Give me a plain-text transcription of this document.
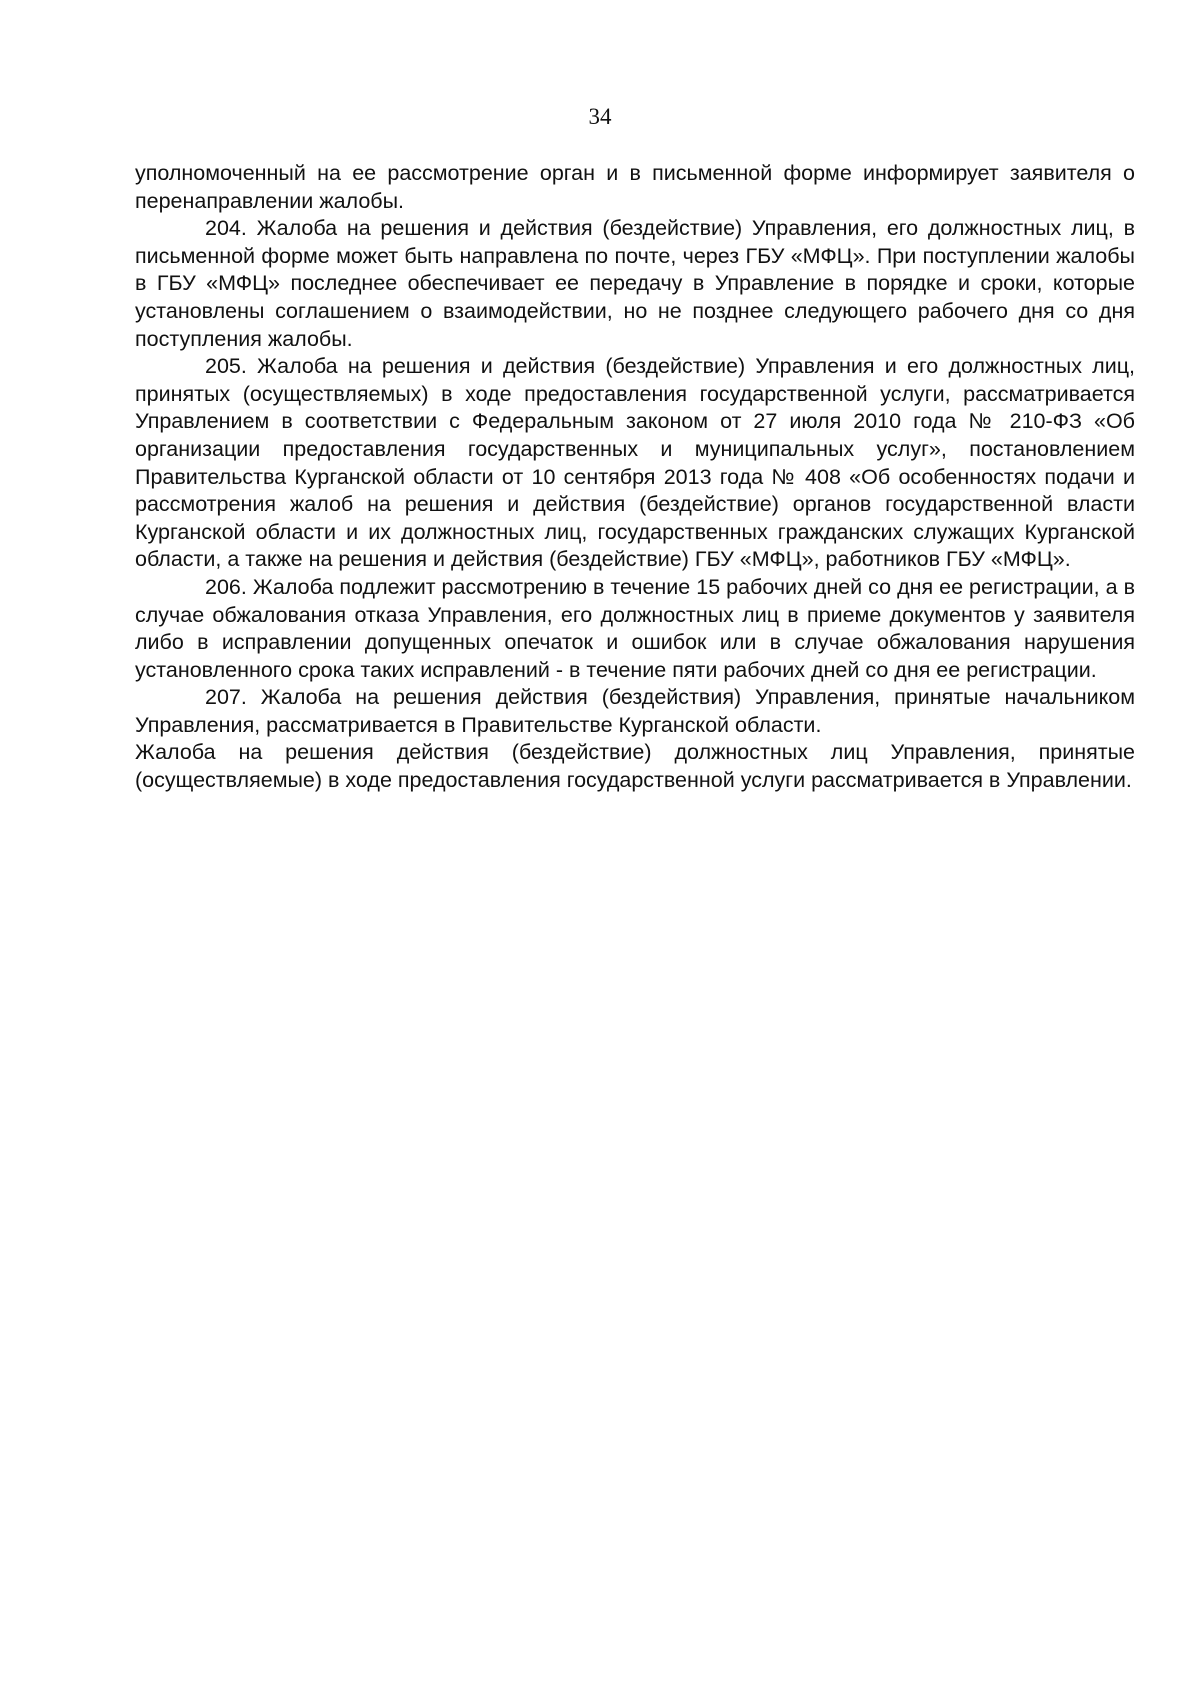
34

уполномоченный на ее рассмотрение орган и в письменной форме информирует заявителя о перенаправлении жалобы.

204. Жалоба на решения и действия (бездействие) Управления, его должностных лиц, в письменной форме может быть направлена по почте, через ГБУ «МФЦ». При поступлении жалобы в ГБУ «МФЦ» последнее обеспечивает ее передачу в Управление в порядке и сроки, которые установлены соглашением о взаимодействии, но не позднее следующего рабочего дня со дня поступления жалобы.

205. Жалоба на решения и действия (бездействие) Управления и его должностных лиц, принятых (осуществляемых) в ходе предоставления государственной услуги, рассматривается Управлением в соответствии с Федеральным законом от 27 июля 2010 года № 210-ФЗ «Об организации предоставления государственных и муниципальных услуг», постановлением Правительства Курганской области от 10 сентября 2013 года № 408 «Об особенностях подачи и рассмотрения жалоб на решения и действия (бездействие) органов государственной власти Курганской области и их должностных лиц, государственных гражданских служащих Курганской области, а также на решения и действия (бездействие) ГБУ «МФЦ», работников ГБУ «МФЦ».

206. Жалоба подлежит рассмотрению в течение 15 рабочих дней со дня ее регистрации, а в случае обжалования отказа Управления, его должностных лиц в приеме документов у заявителя либо в исправлении допущенных опечаток и ошибок или в случае обжалования нарушения установленного срока таких исправлений - в течение пяти рабочих дней со дня ее регистрации.

207. Жалоба на решения действия (бездействия) Управления, принятые начальником Управления, рассматривается в Правительстве Курганской области.

Жалоба на решения действия (бездействие) должностных лиц Управления, принятые (осуществляемые) в ходе предоставления государственной услуги рассматривается в Управлении.
